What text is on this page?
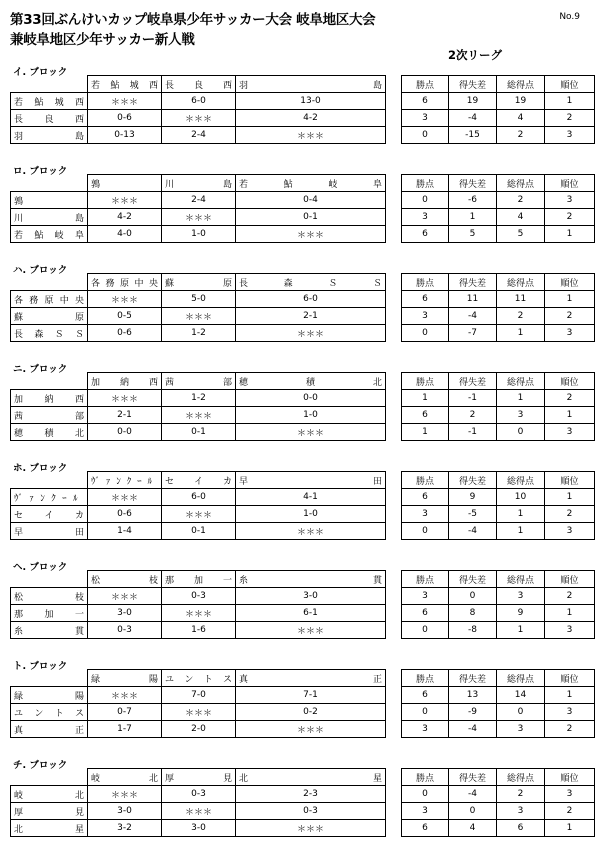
第33回ぶんけいカップ岐阜県少年サッカー大会 岐阜地区大会
兼岐阜地区少年サッカー新人戦
No.9
2次リーグ
イ. ブロック
	若鮎城西	長良西	羽島		勝点	得失差	総得点	順位
若鮎城西	＊＊＊	6-0	13-0		6	19	19	1
長良西	0-6	＊＊＊	4-2		3	-4	4	2
羽島	0-13	2-4	＊＊＊		0	-15	2	3
ロ. ブロック
	鶉	川島	若鮎岐阜		勝点	得失差	総得点	順位
鶉	＊＊＊	2-4	0-4		0	-6	2	3
川島	4-2	＊＊＊	0-1		3	1	4	2
若鮎岐阜	4-0	1-0	＊＊＊		6	5	5	1
ハ. ブロック
	各務原中央	蘇原	長森ＳＳ		勝点	得失差	総得点	順位
各務原中央	＊＊＊	5-0	6-0		6	11	11	1
蘇原	0-5	＊＊＊	2-1		3	-4	2	2
長森ＳＳ	0-6	1-2	＊＊＊		0	-7	1	3
ニ. ブロック
	加納西	茜部	穂積北		勝点	得失差	総得点	順位
加納西	＊＊＊	1-2	0-0		1	-1	1	2
茜部	2-1	＊＊＊	1-0		6	2	3	1
穂積北	0-0	0-1	＊＊＊		1	-1	0	3
ホ. ブロック
	ｳﾞｧﾝｸｰﾙ	セイカ	早田		勝点	得失差	総得点	順位
ｳﾞｧﾝｸｰﾙ	＊＊＊	6-0	4-1		6	9	10	1
セイカ	0-6	＊＊＊	1-0		3	-5	1	2
早田	1-4	0-1	＊＊＊		0	-4	1	3
ヘ. ブロック
	松枝	那加一	糸貫		勝点	得失差	総得点	順位
松枝	＊＊＊	0-3	3-0		3	0	3	2
那加一	3-0	＊＊＊	6-1		6	8	9	1
糸貫	0-3	1-6	＊＊＊		0	-8	1	3
ト. ブロック
	緑陽	ユントス	真正		勝点	得失差	総得点	順位
緑陽	＊＊＊	7-0	7-1		6	13	14	1
ユントス	0-7	＊＊＊	0-2		0	-9	0	3
真正	1-7	2-0	＊＊＊		3	-4	3	2
チ. ブロック
	岐北	厚見	北星		勝点	得失差	総得点	順位
岐北	＊＊＊	0-3	2-3		0	-4	2	3
厚見	3-0	＊＊＊	0-3		3	0	3	2
北星	3-2	3-0	＊＊＊		6	4	6	1
